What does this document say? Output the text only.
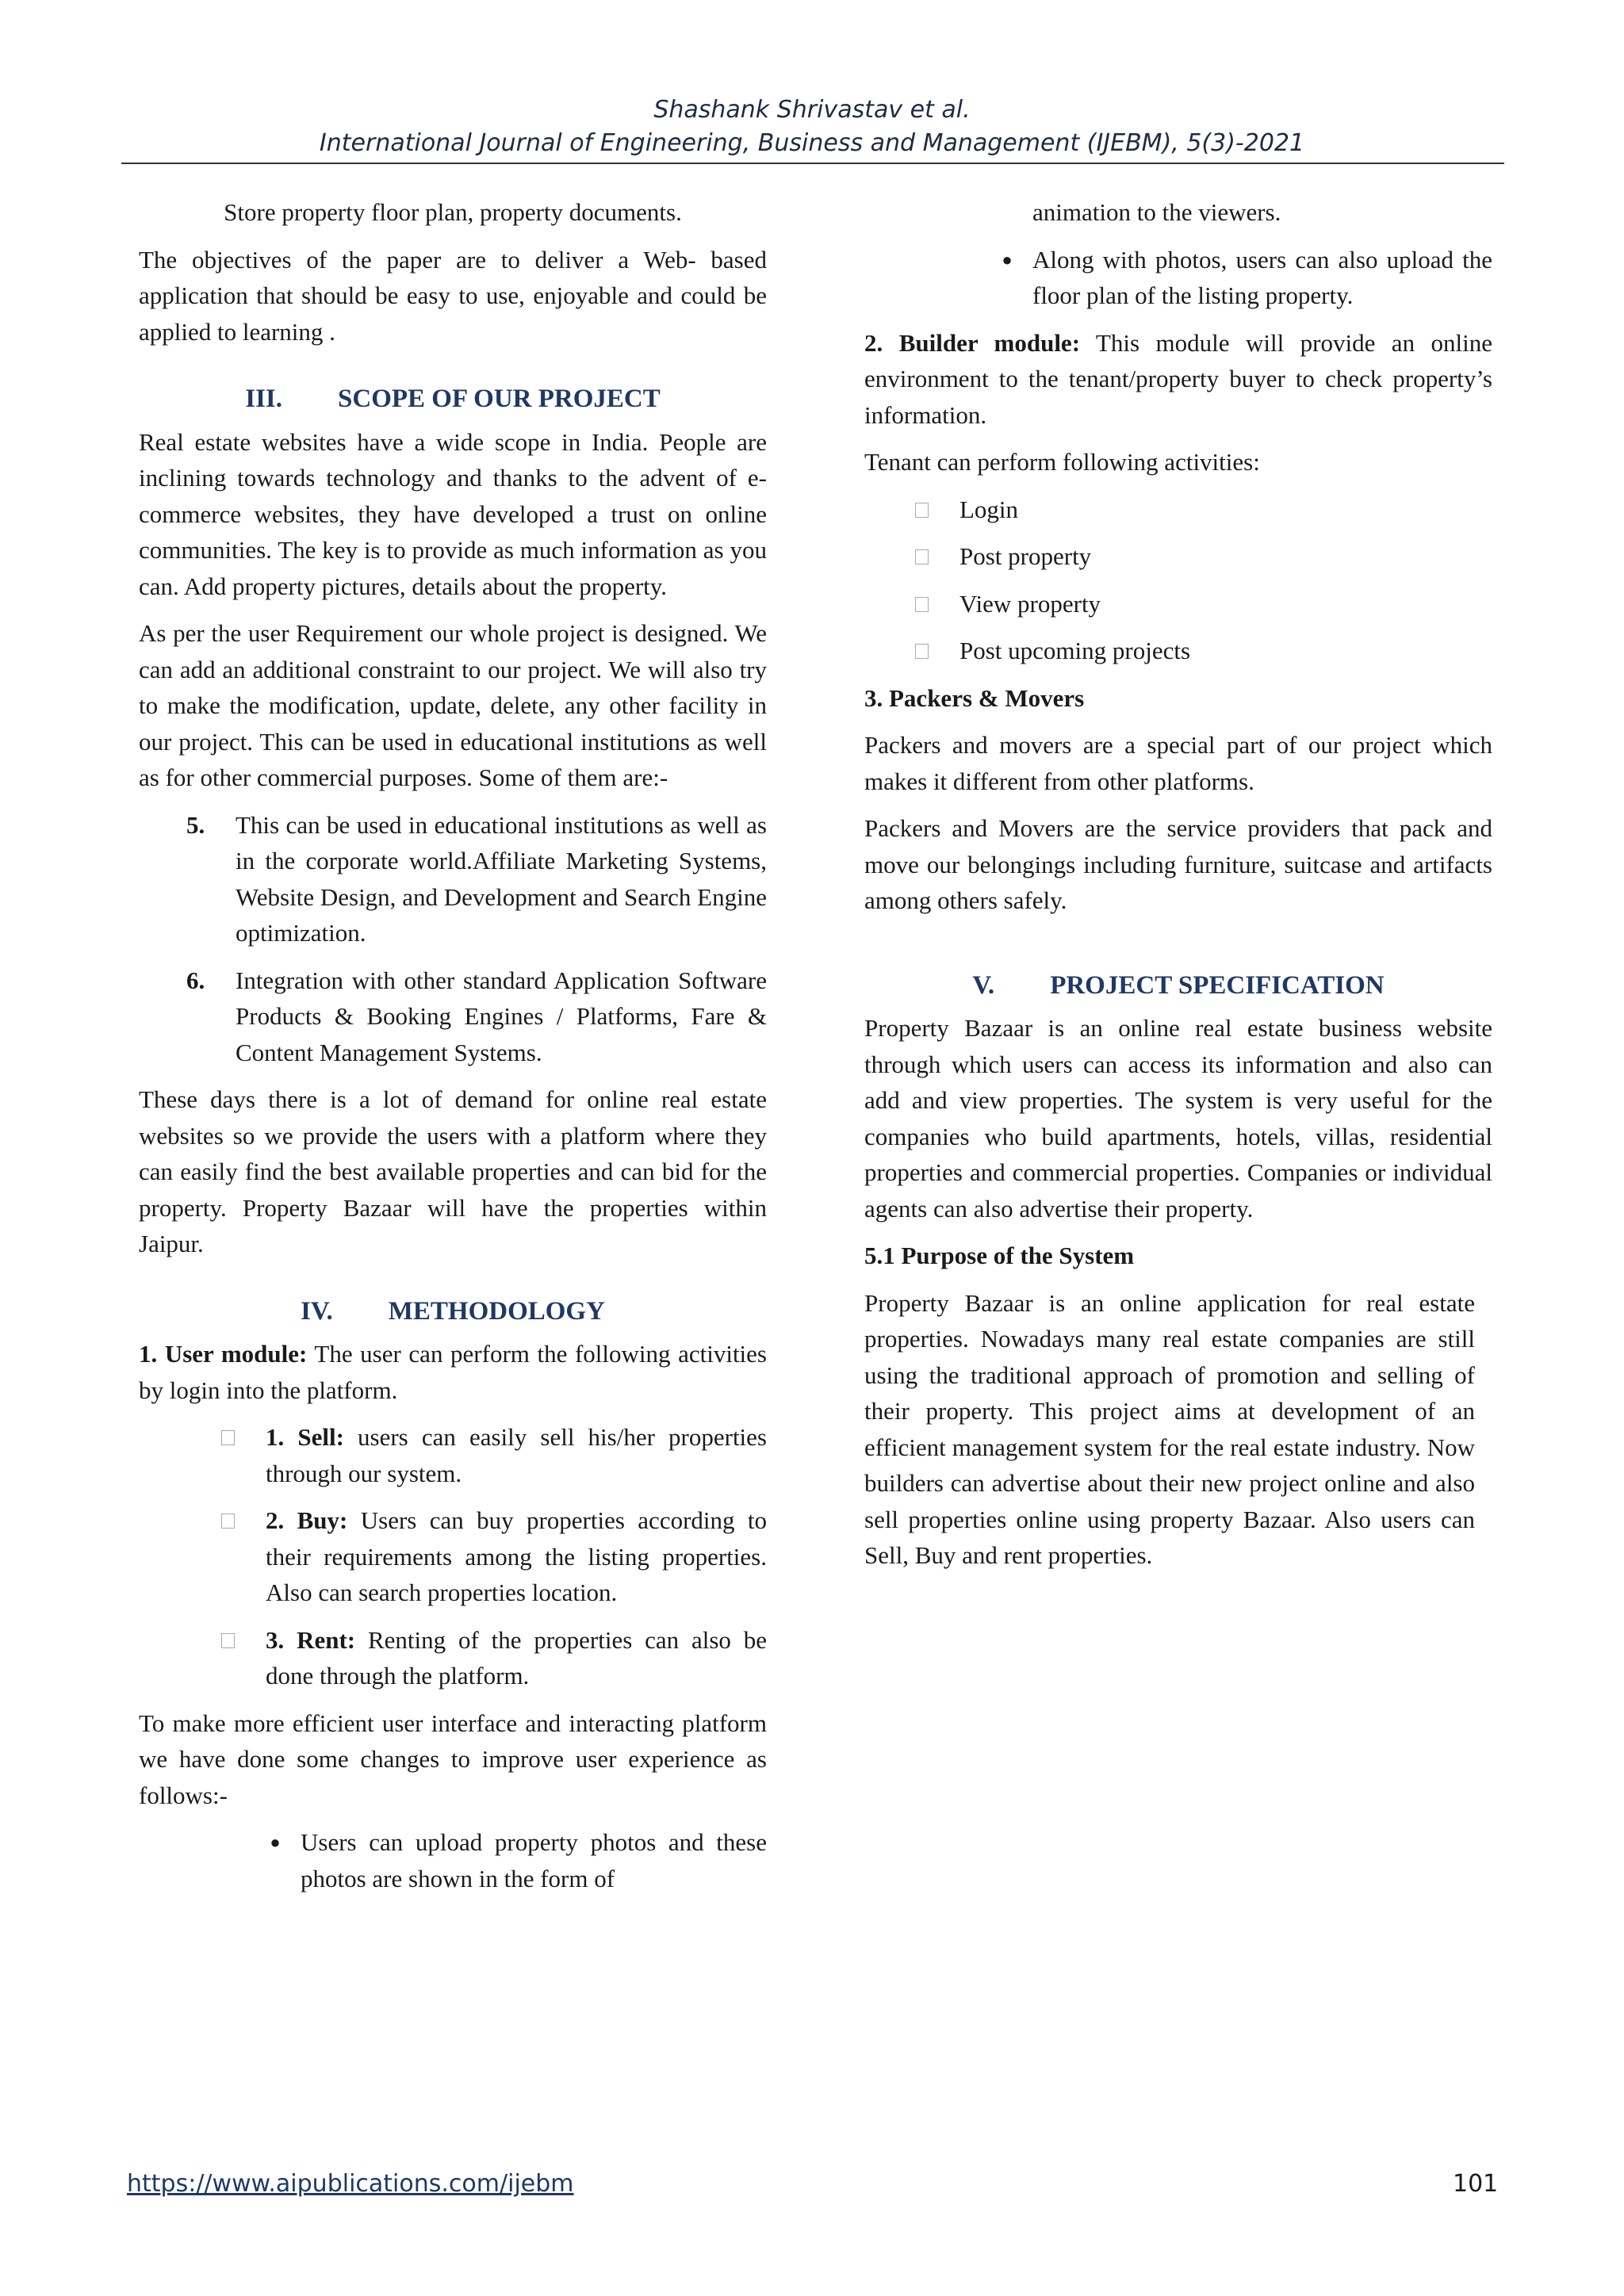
Shashank Shrivastav et al.
International Journal of Engineering, Business and Management (IJEBM), 5(3)-2021

Store property floor plan, property documents.

The objectives of the paper are to deliver a Web- based application that should be easy to use, enjoyable and could be applied to learning .

III. SCOPE OF OUR PROJECT

Real estate websites have a wide scope in India. People are inclining towards technology and thanks to the advent of e-commerce websites, they have developed a trust on online communities. The key is to provide as much information as you can. Add property pictures, details about the property.

As per the user Requirement our whole project is designed. We can add an additional constraint to our project. We will also try to make the modification, update, delete, any other facility in our project. This can be used in educational institutions as well as for other commercial purposes. Some of them are:-

5.	This can be used in educational institutions as well as in the corporate world.Affiliate Marketing Systems, Website Design, and Development and Search Engine optimization.
6.	Integration with other standard Application Software Products & Booking Engines / Platforms, Fare & Content Management Systems.

These days there is a lot of demand for online real estate websites so we provide the users with a platform where they can easily find the best available properties and can bid for the property. Property Bazaar will have the properties within Jaipur.

IV. METHODOLOGY

1. User module: The user can perform the following activities by login into the platform.

1. Sell: users can easily sell his/her properties through our system.
2. Buy: Users can buy properties according to their requirements among the listing properties. Also can search properties location.
3. Rent: Renting of the properties can also be done through the platform.

To make more efficient user interface and interacting platform we have done some changes to improve user experience as follows:-

● Users can upload property photos and these photos are shown in the form of

animation to the viewers.

● Along with photos, users can also upload the floor plan of the listing property.

2. Builder module: This module will provide an online environment to the tenant/property buyer to check property’s information.

Tenant can perform following activities:

Login
Post property
View property
Post upcoming projects

3. Packers & Movers

Packers and movers are a special part of our project which makes it different from other platforms.

Packers and Movers are the service providers that pack and move our belongings including furniture, suitcase and artifacts among others safely.

V. PROJECT SPECIFICATION

Property Bazaar is an online real estate business website through which users can access its information and also can add and view properties. The system is very useful for the companies who build apartments, hotels, villas, residential properties and commercial properties. Companies or individual agents can also advertise their property.

5.1 Purpose of the System

Property Bazaar is an online application for real estate properties. Nowadays many real estate companies are still using the traditional approach of promotion and selling of their property. This project aims at development of an efficient management system for the real estate industry. Now builders can advertise about their new project online and also sell properties online using property Bazaar. Also users can Sell, Buy and rent properties.

https://www.aipublications.com/ijebm	101
